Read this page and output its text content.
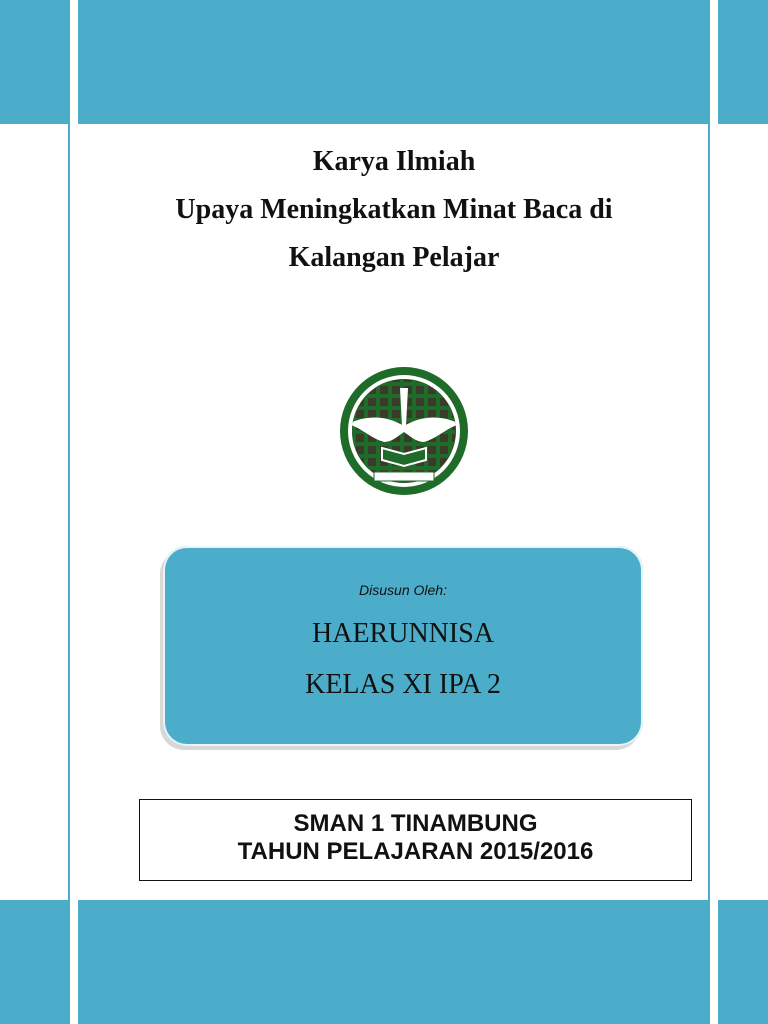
Karya Ilmiah
Upaya Meningkatkan Minat Baca di
Kalangan Pelajar
Disusun Oleh:
HAERUNNISA
KELAS XI IPA 2
SMAN 1 TINAMBUNG
TAHUN PELAJARAN 2015/2016
